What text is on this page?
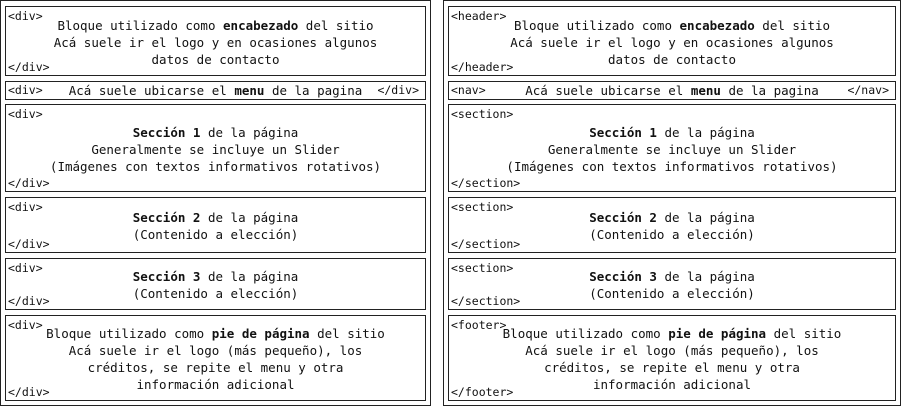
<div>
Bloque utilizado como encabezado del sitio
Acá suele ir el logo y en ocasiones algunos
datos de contacto
</div>
<div>	Acá suele ubicarse el menu de la pagina	</div>
<div>
Sección 1 de la página
Generalmente se incluye un Slider
(Imágenes con textos informativos rotativos)
</div>
<div>
Sección 2 de la página
(Contenido a elección)
</div>
<div>
Sección 3 de la página
(Contenido a elección)
</div>
<div>
Bloque utilizado como pie de página del sitio
Acá suele ir el logo (más pequeño), los
créditos, se repite el menu y otra
información adicional
</div>
<header>
Bloque utilizado como encabezado del sitio
Acá suele ir el logo y en ocasiones algunos
datos de contacto
</header>
<nav>	Acá suele ubicarse el menu de la pagina	</nav>
<section>
Sección 1 de la página
Generalmente se incluye un Slider
(Imágenes con textos informativos rotativos)
</section>
<section>
Sección 2 de la página
(Contenido a elección)
</section>
<section>
Sección 3 de la página
(Contenido a elección)
</section>
<footer>
Bloque utilizado como pie de página del sitio
Acá suele ir el logo (más pequeño), los
créditos, se repite el menu y otra
información adicional
</footer>
